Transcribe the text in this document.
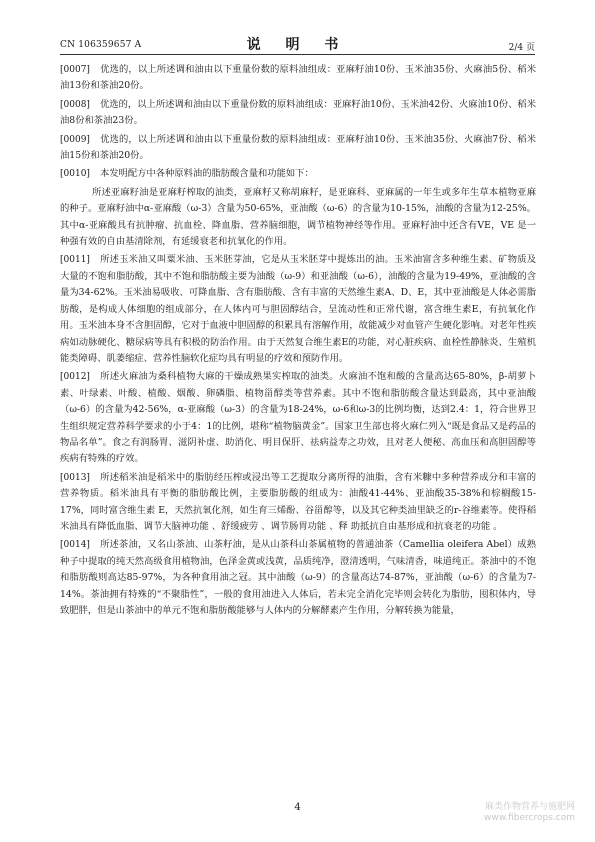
CN 106359657 A	说 明 书	2/4 页

[0007] 优选的，以上所述调和油由以下重量份数的原料油组成：亚麻籽油10份、玉米油35份、火麻油5份、稻米油13份和茶油20份。

[0008] 优选的，以上所述调和油由以下重量份数的原料油组成：亚麻籽油10份、玉米油42份、火麻油10份、稻米油8份和茶油23份。

[0009] 优选的，以上所述调和油由以下重量份数的原料油组成：亚麻籽油10份、玉米油35份、火麻油7份、稻米油15份和茶油20份。

[0010] 本发明配方中各种原料油的脂肪酸含量和功能如下：

所述亚麻籽油是亚麻籽榨取的油类，亚麻籽又称胡麻籽，是亚麻科、亚麻属的一年生或多年生草本植物亚麻的种子。亚麻籽油中α-亚麻酸（ω-3）含量为50-65%，亚油酸（ω-6）的含量为10-15%，油酸的含量为12-25%。其中α-亚麻酸具有抗肿瘤、抗血栓、降血脂、营养脑细胞，调节植物神经等作用。亚麻籽油中还含有VE，VE 是一种强有效的自由基清除剂，有延缓衰老和抗氧化的作用。

[0011] 所述玉米油又叫粟米油、玉米胚芽油，它是从玉米胚芽中提炼出的油。玉米油富含多种维生素、矿物质及大量的不饱和脂肪酸，其中不饱和脂肪酸主要为油酸（ω-9）和亚油酸（ω-6），油酸的含量为19-49%，亚油酸的含量为34-62%。玉米油易吸收、可降血脂、含有脂肪酸、含有丰富的天然维生素A、D、E，其中亚油酸是人体必需脂肪酸，是构成人体细胞的组成部分，在人体内可与胆固醇结合，呈流动性和正常代谢，富含维生素E，有抗氧化作用。玉米油本身不含胆固醇，它对于血液中胆固醇的积累具有溶解作用，故能减少对血管产生硬化影响。对老年性疾病如动脉硬化、糖尿病等具有积极的防治作用。由于天然复合维生素E的功能，对心脏疾病、血栓性静脉炎、生殖机能类障碍、肌萎缩症、营养性脑软化症均具有明显的疗效和预防作用。

[0012] 所述火麻油为桑科植物大麻的干燥成熟果实榨取的油类。火麻油不饱和酸的含量高达65-80%，β-胡萝卜素、叶绿素、叶酸、植酸、烟酸、卵磷脂、植物甾醇类等营养素。其中不饱和脂肪酸含量达到最高，其中亚油酸（ω-6）的含量为42-56%，α-亚麻酸（ω-3）的含量为18-24%，ω-6和ω-3的比例均衡，达到2.4：1，符合世界卫生组织规定营养科学要求的小于4：1的比例，堪称“植物脑黄金”。国家卫生部也将火麻仁列入“既是食品又是药品的物品名单”。食之有润肠胃、滋阴补虚、助消化、明目保肝、祛病益寿之功效，且对老人便秘、高血压和高胆固醇等疾病有特殊的疗效。

[0013] 所述稻米油是稻米中的脂肪经压榨或浸出等工艺提取分离所得的油脂，含有米糠中多种营养成分和丰富的营养物质。稻米油具有平衡的脂肪酸比例，主要脂肪酸的组成为：油酸41-44%、亚油酸35-38%和棕榈酸15-17%，同时富含维生素 E，天然抗氧化剂，如生育三烯酚、谷甾醇等，以及其它种类油里缺乏的r-谷维素等。使得稻米油具有降低血脂、调节大脑神功能 、舒缓疲劳 、调节肠胃功能 、释 助抵抗自由基形成和抗衰老的功能 。

[0014] 所述茶油，又名山茶油、山茶籽油，是从山茶科山茶属植物的普通油茶（Camellia oleifera Abel）成熟种子中提取的纯天然高级食用植物油，色泽金黄或浅黄，品质纯净，澄清透明，气味清香，味道纯正。茶油中的不饱和脂肪酸则高达85-97%，为各种食用油之冠。其中油酸（ω-9）的含量高达74-87%，亚油酸（ω-6）的含量为7-14%。茶油拥有特殊的“不聚脂性”，一般的食用油进入人体后，若未完全消化完毕则会转化为脂肪，囤积体内，导致肥胖，但是山茶油中的单元不饱和脂肪酸能够与人体内的分解酵素产生作用，分解转换为能量，

4	麻类作物营养与施肥网
www.fibercrops.com
